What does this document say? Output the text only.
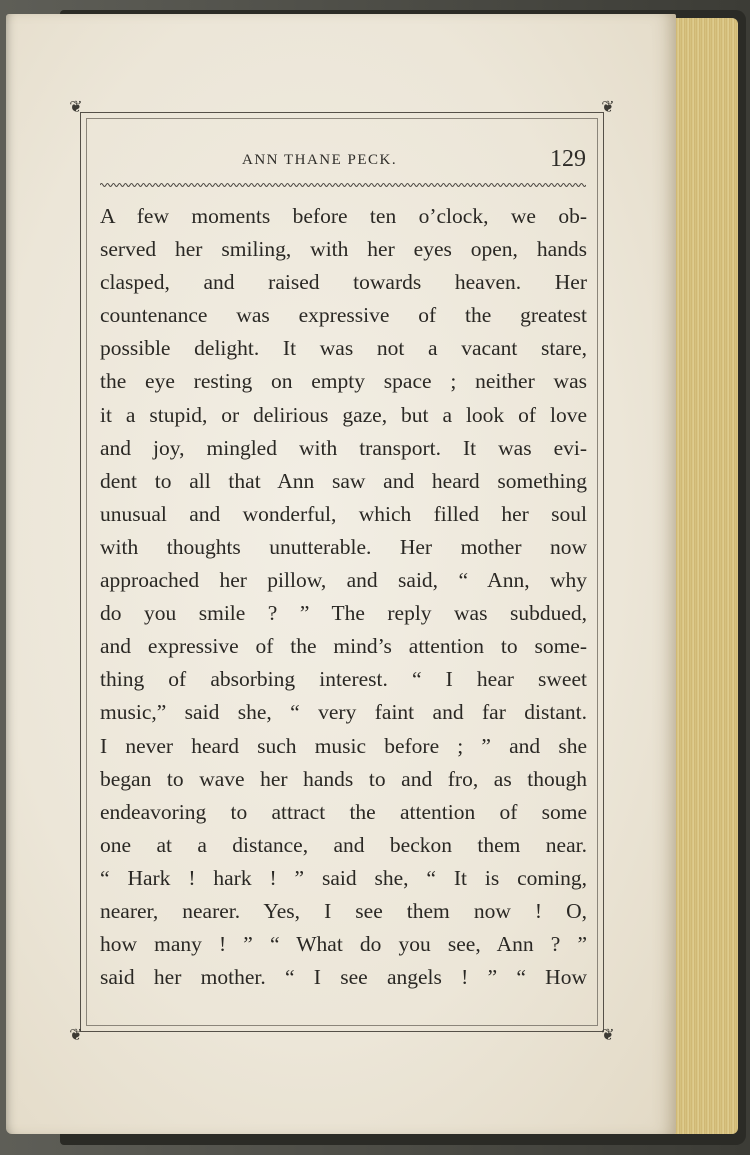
❦	❦
❦	❦
ANN THANE PECK.	129
A few moments before ten o’clock, we ob-
served her smiling, with her eyes open, hands
clasped, and raised towards heaven. Her
countenance was expressive of the greatest
possible delight. It was not a vacant stare,
the eye resting on empty space ; neither was
it a stupid, or delirious gaze, but a look of love
and joy, mingled with transport. It was evi-
dent to all that Ann saw and heard something
unusual and wonderful, which filled her soul
with thoughts unutterable. Her mother now
approached her pillow, and said, “ Ann, why
do you smile ? ” The reply was subdued,
and expressive of the mind’s attention to some-
thing of absorbing interest. “ I hear sweet
music,” said she, “ very faint and far distant.
I never heard such music before ; ” and she
began to wave her hands to and fro, as though
endeavoring to attract the attention of some
one at a distance, and beckon them near.
“ Hark ! hark ! ” said she, “ It is coming,
nearer, nearer. Yes, I see them now ! O,
how many ! ” “ What do you see, Ann ? ”
said her mother. “ I see angels ! ” “ How
